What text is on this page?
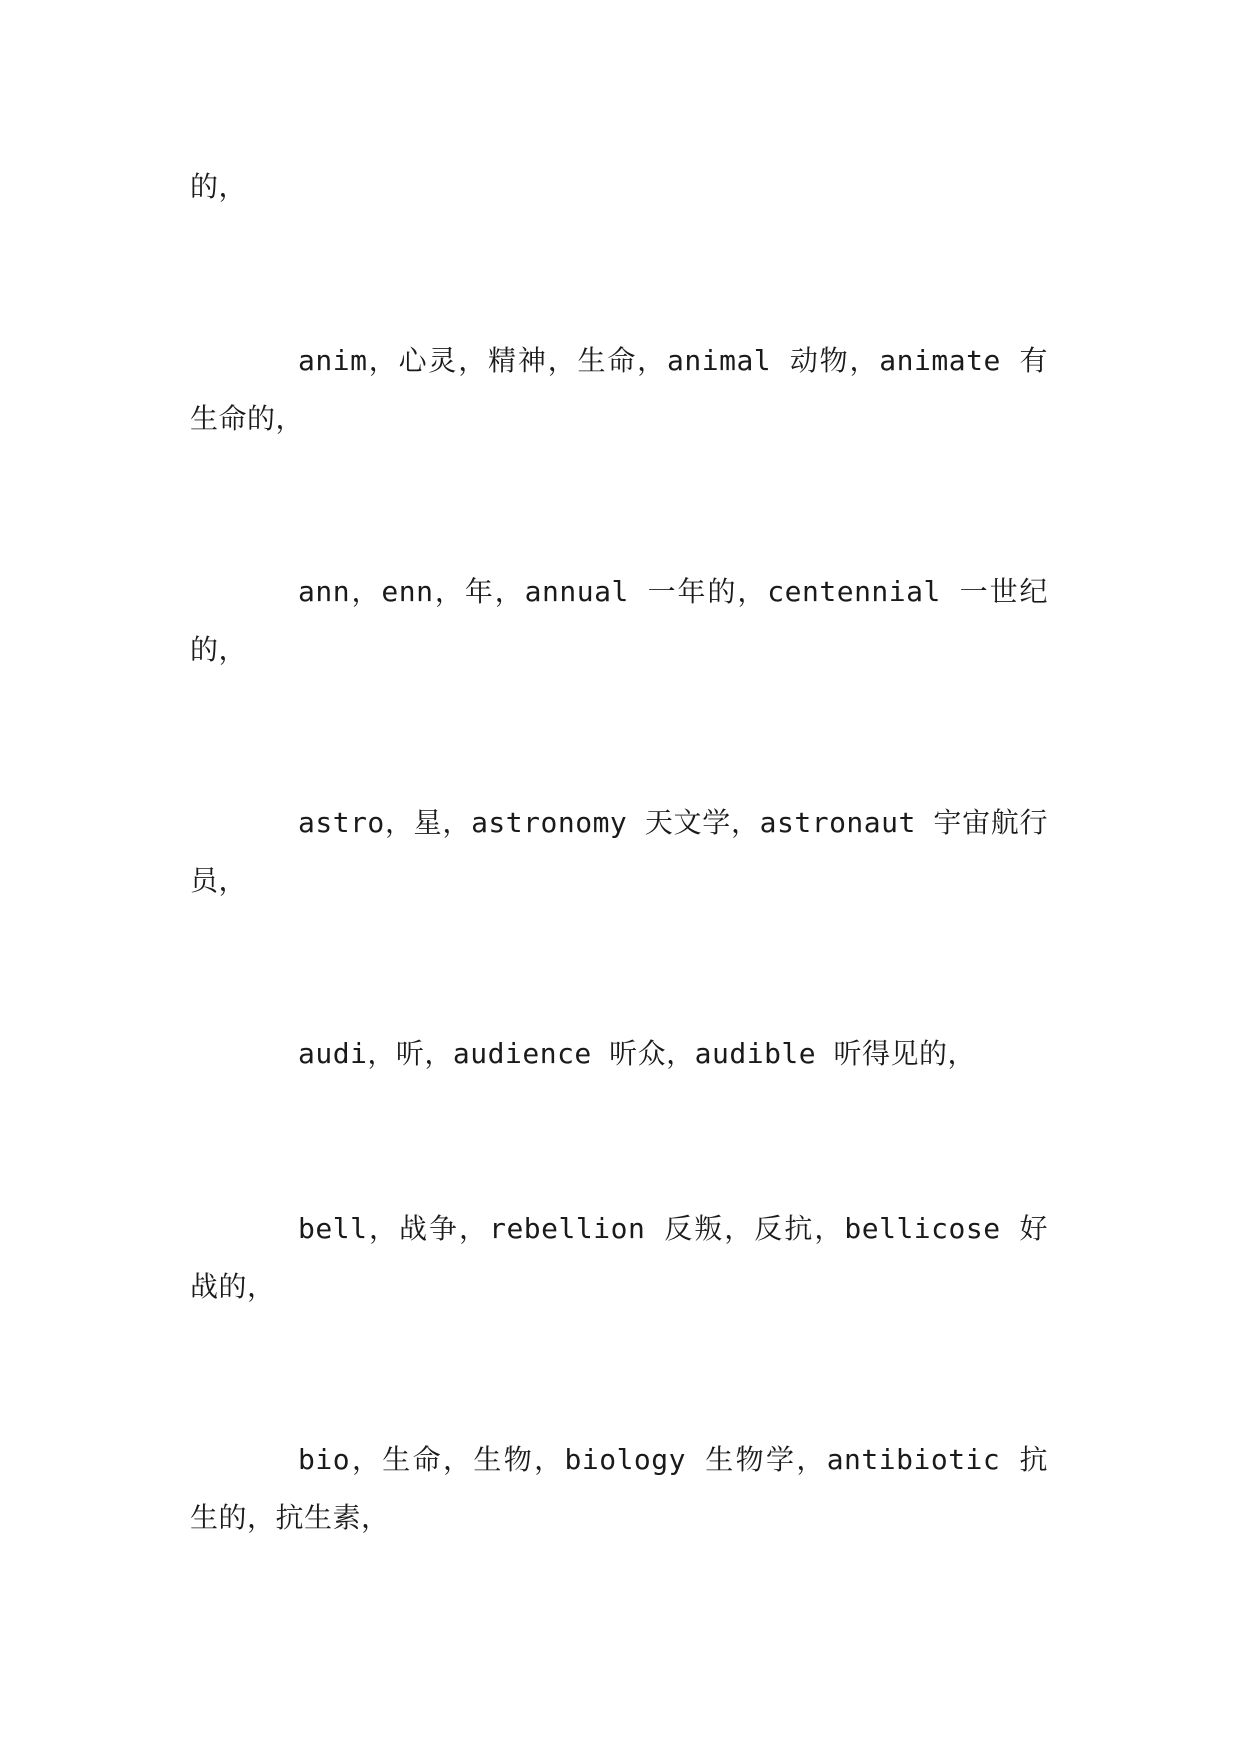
的，

anim，心灵，精神，生命，animal 动物，animate 有生命的，

ann，enn，年，annual 一年的，centennial 一世纪的，

astro，星，astronomy 天文学，astronaut 宇宙航行员，

audi，听，audience 听众，audible 听得见的，

bell，战争，rebellion 反叛，反抗，bellicose 好战的，

bio，生命，生物，biology 生物学，antibiotic 抗生的，抗生素，
